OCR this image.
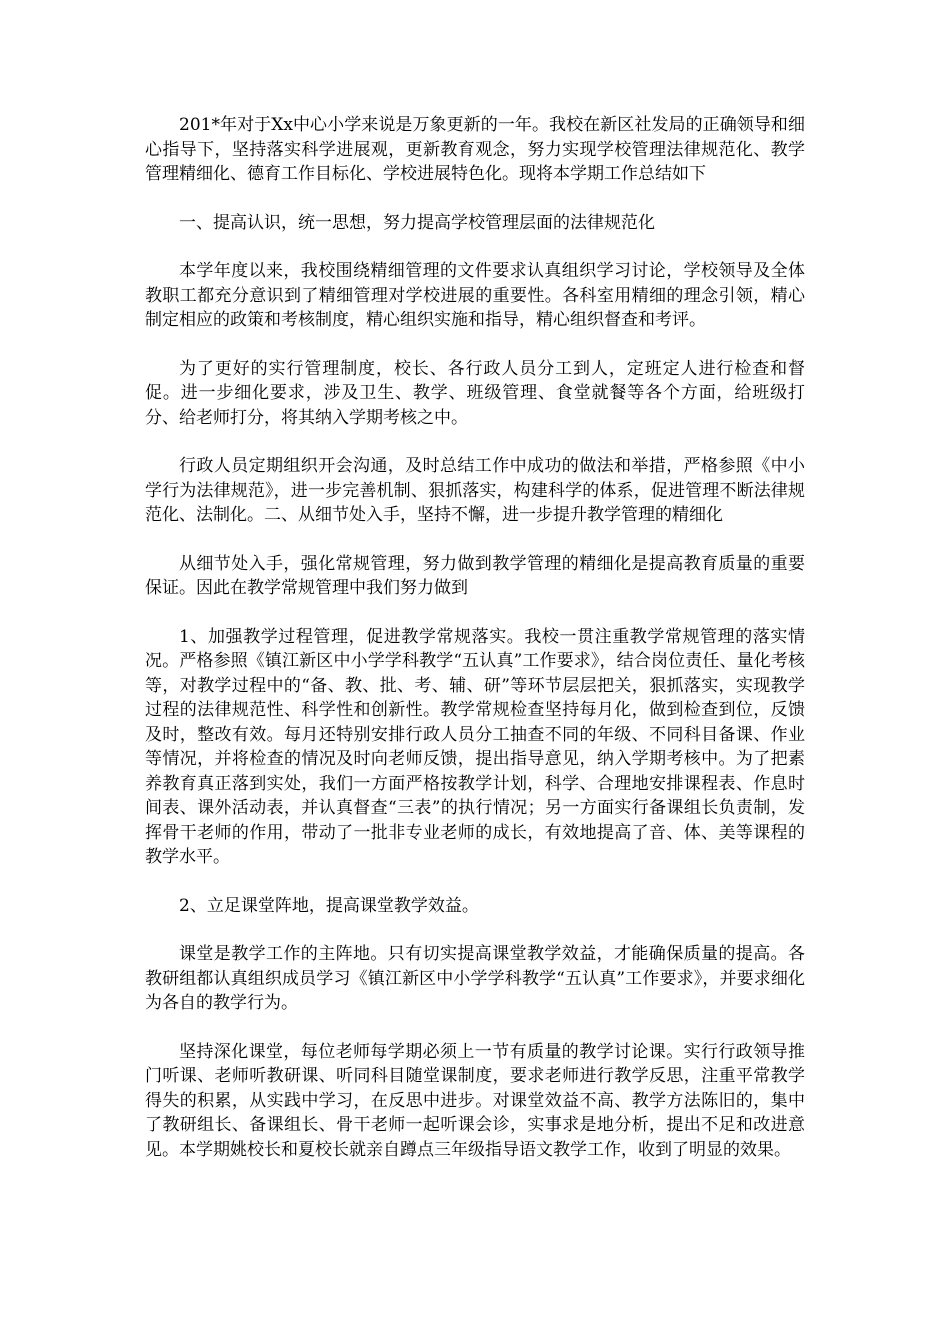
201*年对于Xx中心小学来说是万象更新的一年。我校在新区社发局的正确领导和细心指导下，坚持落实科学进展观，更新教育观念，努力实现学校管理法律规范化、教学管理精细化、德育工作目标化、学校进展特色化。现将本学期工作总结如下

一、提高认识，统一思想，努力提高学校管理层面的法律规范化

本学年度以来，我校围绕精细管理的文件要求认真组织学习讨论，学校领导及全体教职工都充分意识到了精细管理对学校进展的重要性。各科室用精细的理念引领，精心制定相应的政策和考核制度，精心组织实施和指导，精心组织督查和考评。

为了更好的实行管理制度，校长、各行政人员分工到人，定班定人进行检查和督促。进一步细化要求，涉及卫生、教学、班级管理、食堂就餐等各个方面，给班级打分、给老师打分，将其纳入学期考核之中。

行政人员定期组织开会沟通，及时总结工作中成功的做法和举措，严格参照《中小学行为法律规范》，进一步完善机制、狠抓落实，构建科学的体系，促进管理不断法律规范化、法制化。二、从细节处入手，坚持不懈，进一步提升教学管理的精细化

从细节处入手，强化常规管理，努力做到教学管理的精细化是提高教育质量的重要保证。因此在教学常规管理中我们努力做到

1、加强教学过程管理，促进教学常规落实。我校一贯注重教学常规管理的落实情况。严格参照《镇江新区中小学学科教学“五认真”工作要求》，结合岗位责任、量化考核等，对教学过程中的“备、教、批、考、辅、研”等环节层层把关，狠抓落实，实现教学过程的法律规范性、科学性和创新性。教学常规检查坚持每月化，做到检查到位，反馈及时，整改有效。每月还特别安排行政人员分工抽查不同的年级、不同科目备课、作业等情况，并将检查的情况及时向老师反馈，提出指导意见，纳入学期考核中。为了把素养教育真正落到实处，我们一方面严格按教学计划，科学、合理地安排课程表、作息时间表、课外活动表，并认真督查“三表”的执行情况；另一方面实行备课组长负责制，发挥骨干老师的作用，带动了一批非专业老师的成长，有效地提高了音、体、美等课程的教学水平。

2、立足课堂阵地，提高课堂教学效益。

课堂是教学工作的主阵地。只有切实提高课堂教学效益，才能确保质量的提高。各教研组都认真组织成员学习《镇江新区中小学学科教学“五认真”工作要求》，并要求细化为各自的教学行为。

坚持深化课堂，每位老师每学期必须上一节有质量的教学讨论课。实行行政领导推门听课、老师听教研课、听同科目随堂课制度，要求老师进行教学反思，注重平常教学得失的积累，从实践中学习，在反思中进步。对课堂效益不高、教学方法陈旧的，集中了教研组长、备课组长、骨干老师一起听课会诊，实事求是地分析，提出不足和改进意见。本学期姚校长和夏校长就亲自蹲点三年级指导语文教学工作，收到了明显的效果。
